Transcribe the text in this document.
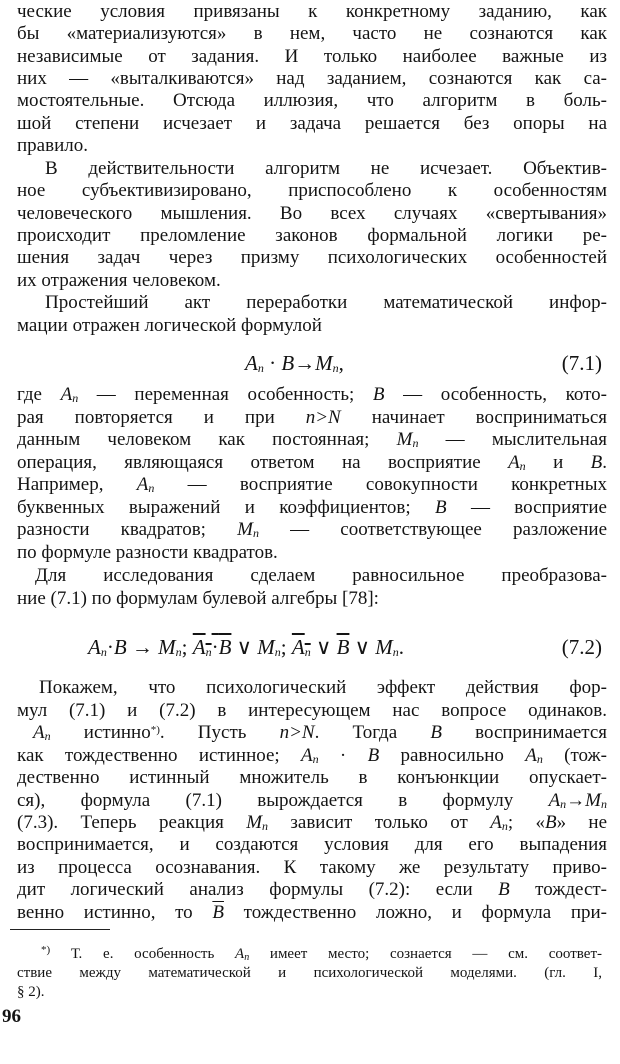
ческие условия привязаны к конкретному заданию, как
бы «материализуются» в нем, часто не сознаются как
независимые от задания. И только наиболее важные из
них — «выталкиваются» над заданием, сознаются как са-
мостоятельные. Отсюда иллюзия, что алгоритм в боль-
шой степени исчезает и задача решается без опоры на
правило.
В действительности алгоритм не исчезает. Объектив-
ное субъективизировано, приспособлено к особенностям
человеческого мышления. Во всех случаях «свертывания»
происходит преломление законов формальной логики ре-
шения задач через призму психологических особенностей
их отражения человеком.
Простейший акт переработки математической инфор-
мации отражен логической формулой
где $A_n$ — переменная особенность; B — особенность, кото-
рая повторяется и при n>N начинает восприниматься
данным человеком как постоянная; $M_n$ — мыслительная
операция, являющаяся ответом на восприятие $A_n$ и B.
Например, $A_n$ — восприятие совокупности конкретных
буквенных выражений и коэффициентов; B — восприятие
разности квадратов; $M_n$ — соответствующее разложение
по формуле разности квадратов.
Для исследования сделаем равносильное преобразова-
ние (7.1) по формулам булевой алгебры [78]:
Покажем, что психологический эффект действия фор-
мул (7.1) и (7.2) в интересующем нас вопросе одинаков.
$A_n$ истинно*). Пусть n>N. Тогда B воспринимается
как тождественно истинное; $A_n \cdot B$ равносильно $A_n$ (тож-
дественно истинный множитель в конъюнкции опускает-
ся), формула (7.1) вырождается в формулу $A_n\to M_n$
(7.3). Теперь реакция $M_n$ зависит только от $A_n$; «B» не
воспринимается, и создаются условия для его выпадения
из процесса осознавания. К такому же результату приво-
дит логический анализ формулы (7.2): если B тождест-
венно истинно, то $\overline{B}$ тождественно ложно, и формула при-
$A_n \cdot B\to M_n$,	(7.1)
$A_n\cdot B \to M_n$; $A_n\cdot\overline{B}$ ∨ $M_n$; $A_n$ ∨ $\overline{B}$ ∨ $M_n$.	(7.2)
*) Т. е. особенность $A_n$ имеет место; сознается — см. соответ-
ствие между математической и психологической моделями. (гл. I,
§ 2).
96
